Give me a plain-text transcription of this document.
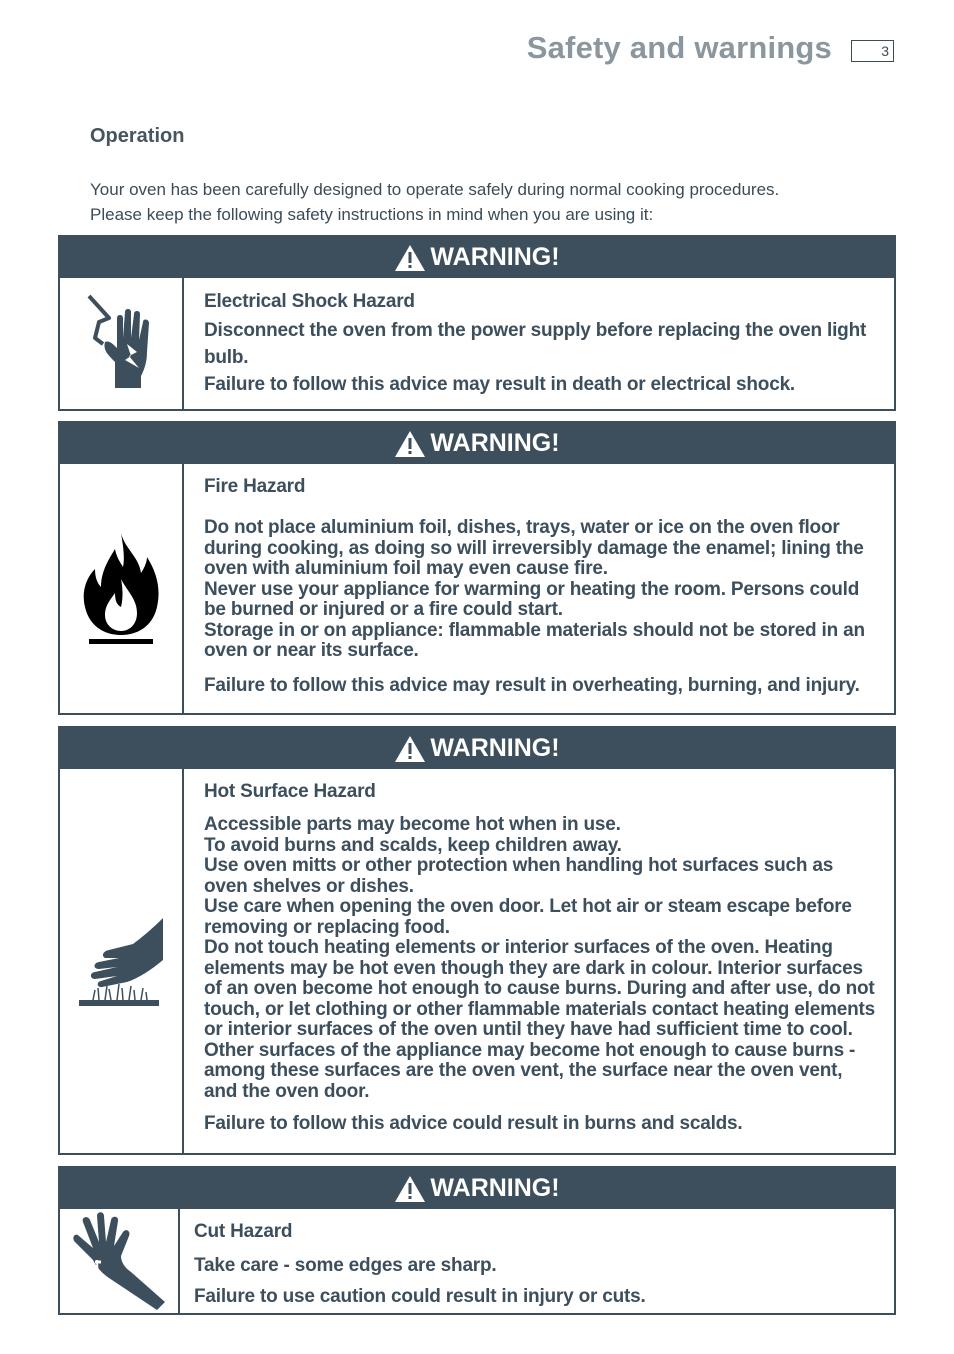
Safety and warnings	3
Operation

Your oven has been carefully designed to operate safely during normal cooking procedures.

Please keep the following safety instructions in mind when you are using it:

WARNING!

Electrical Shock Hazard

Disconnect the oven from the power supply before replacing the oven light bulb.

Failure to follow this advice may result in death or electrical shock.

WARNING!

Fire Hazard

Do not place aluminium foil, dishes, trays, water or ice on the oven floor during cooking, as doing so will irreversibly damage the enamel; lining the oven with aluminium foil may even cause fire.

Never use your appliance for warming or heating the room. Persons could be burned or injured or a fire could start.

Storage in or on appliance: flammable materials should not be stored in an oven or near its surface.

Failure to follow this advice may result in overheating, burning, and injury.

WARNING!

Hot Surface Hazard

Accessible parts may become hot when in use.

To avoid burns and scalds, keep children away.

Use oven mitts or other protection when handling hot surfaces such as oven shelves or dishes.

Use care when opening the oven door. Let hot air or steam escape before removing or replacing food.

Do not touch heating elements or interior surfaces of the oven. Heating elements may be hot even though they are dark in colour. Interior surfaces of an oven become hot enough to cause burns. During and after use, do not touch, or let clothing or other flammable materials contact heating elements or interior surfaces of the oven until they have had sufficient time to cool.

Other surfaces of the appliance may become hot enough to cause burns - among these surfaces are the oven vent, the surface near the oven vent, and the oven door.

Failure to follow this advice could result in burns and scalds.

WARNING!

Cut Hazard

Take care - some edges are sharp.

Failure to use caution could result in injury or cuts.
